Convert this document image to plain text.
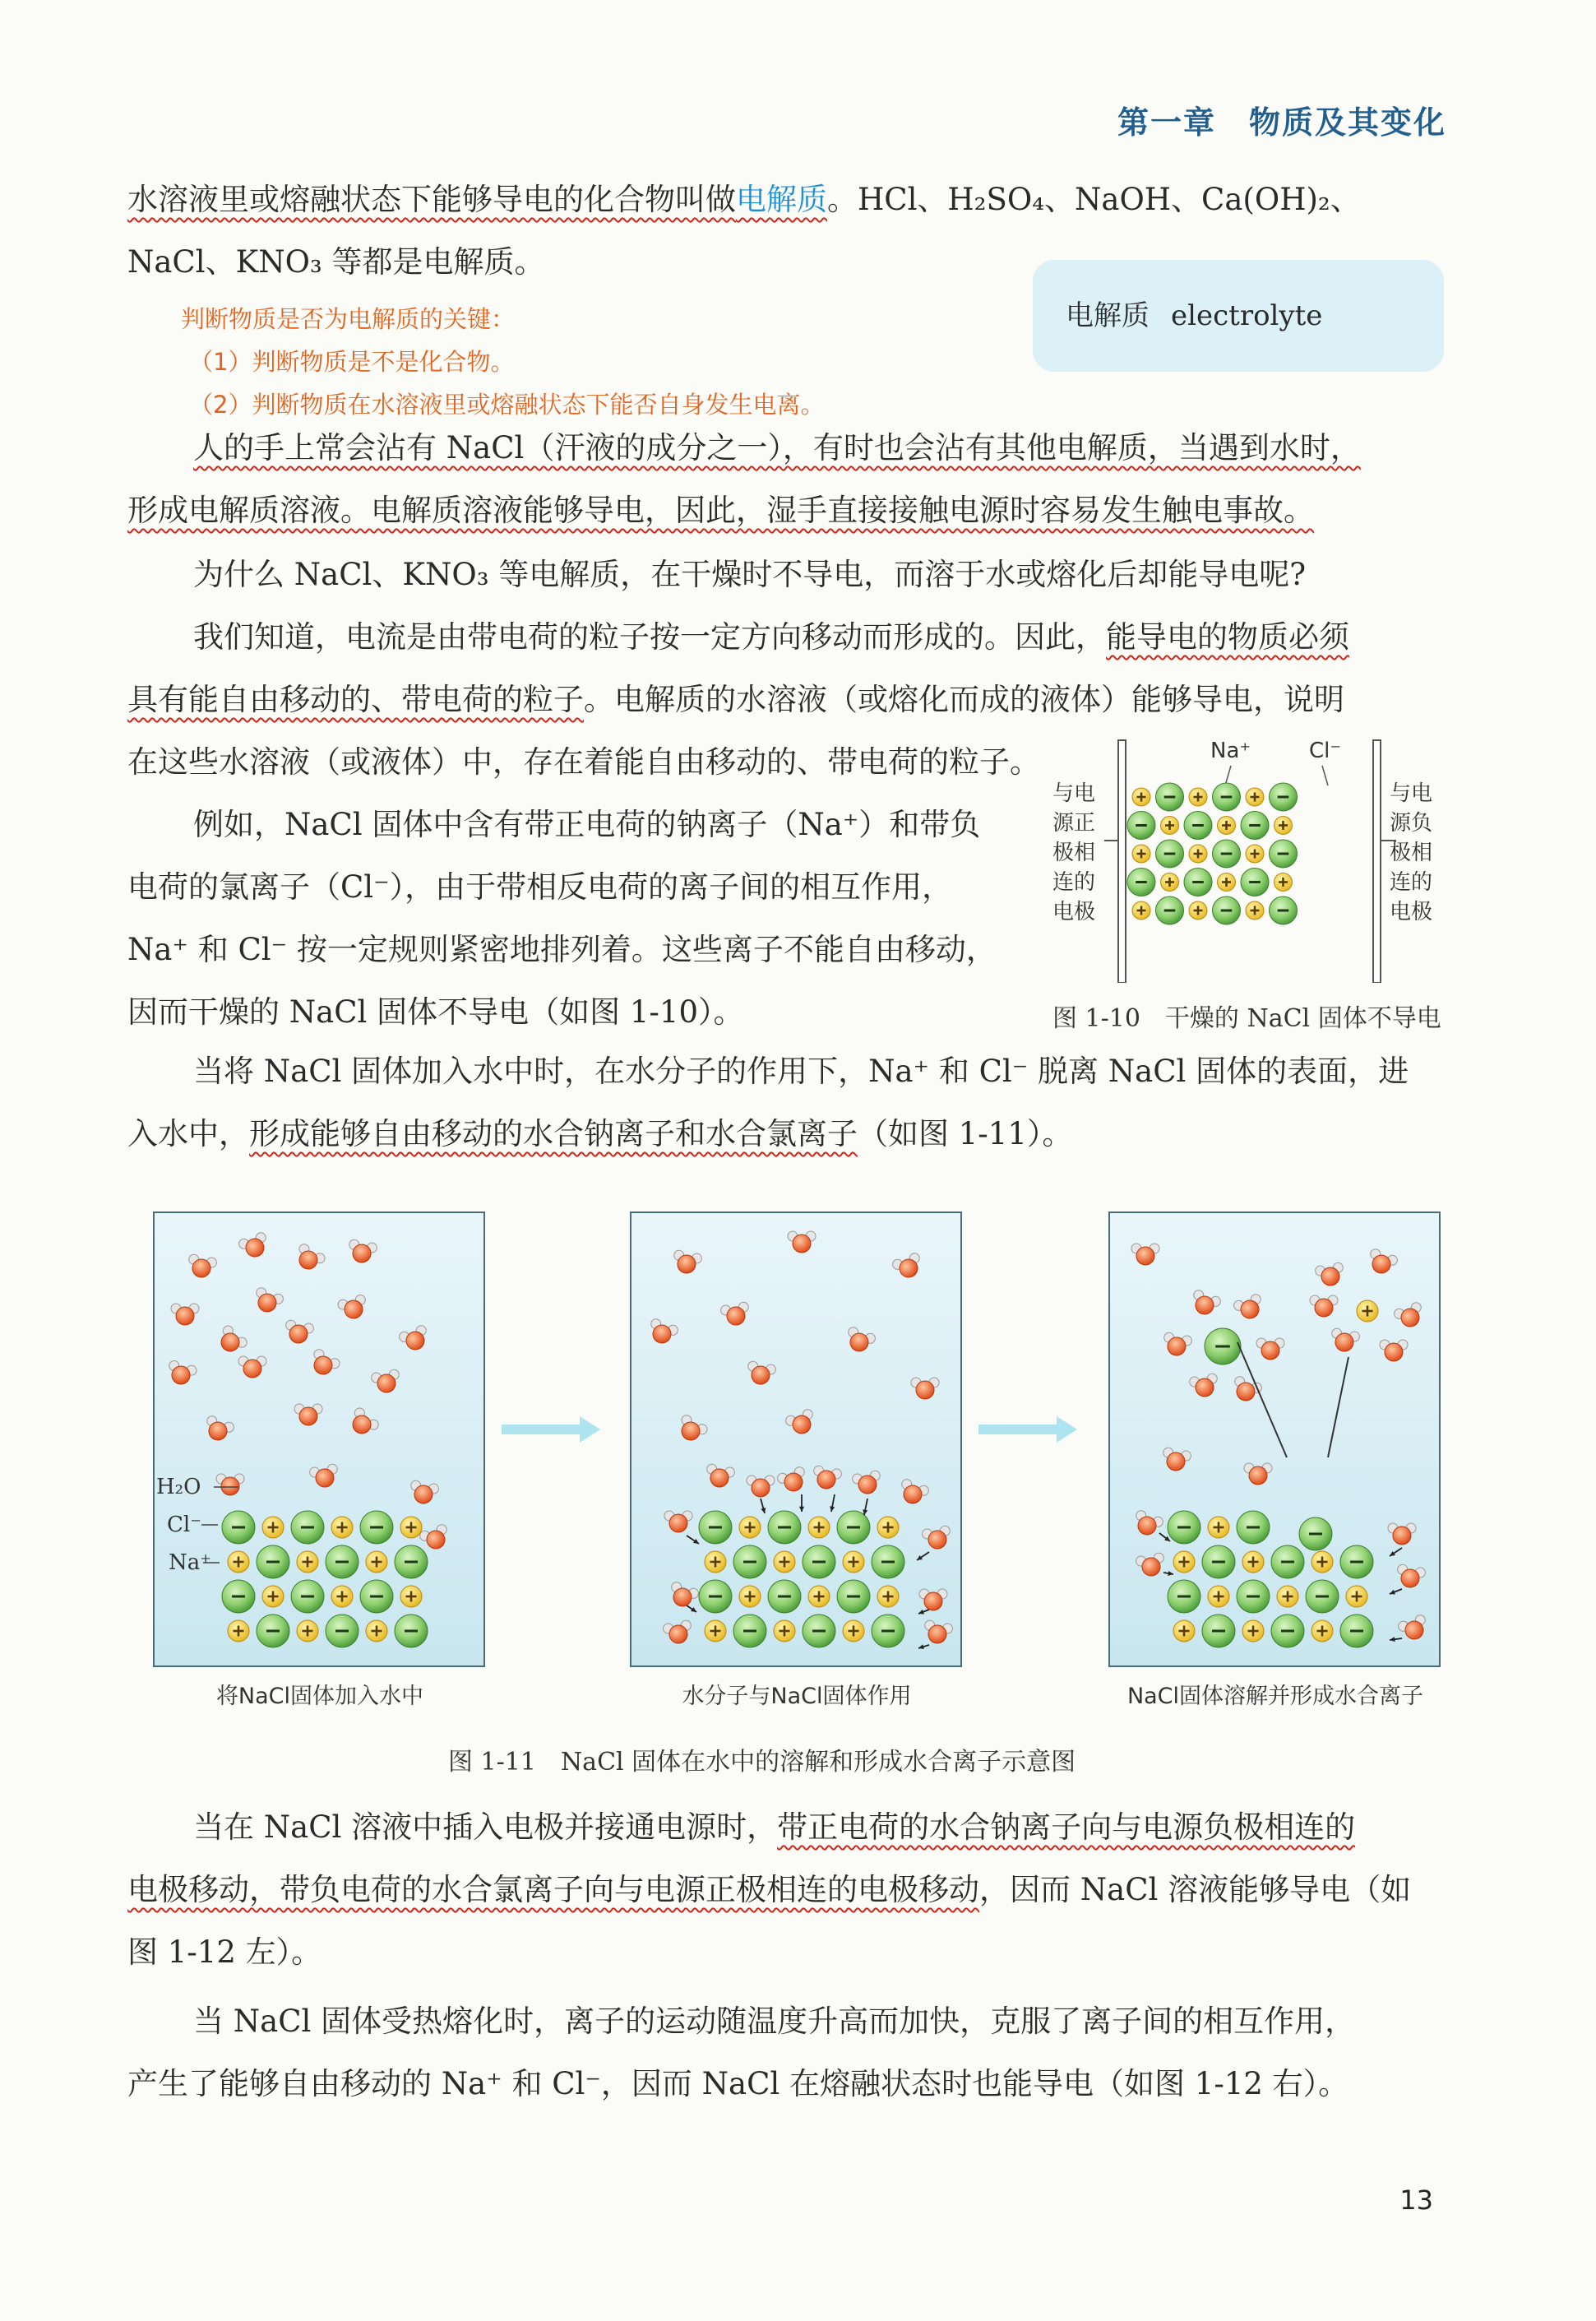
第一章　物质及其变化
水溶液里或熔融状态下能够导电的化合物叫做电解质。HCl、H₂SO₄、NaOH、Ca(OH)₂、
NaCl、KNO₃ 等都是电解质。
电解质 electrolyte
判断物质是否为电解质的关键：
（1）判断物质是不是化合物。
（2）判断物质在水溶液里或熔融状态下能否自身发生电离。
人的手上常会沾有 NaCl（汗液的成分之一），有时也会沾有其他电解质，当遇到水时，
形成电解质溶液。电解质溶液能够导电，因此，湿手直接接触电源时容易发生触电事故。
为什么 NaCl、KNO₃ 等电解质，在干燥时不导电，而溶于水或熔化后却能导电呢?
我们知道，电流是由带电荷的粒子按一定方向移动而形成的。因此，能导电的物质必须
具有能自由移动的、带电荷的粒子。电解质的水溶液（或熔化而成的液体）能够导电，说明
在这些水溶液（或液体）中，存在着能自由移动的、带电荷的粒子。
例如，NaCl 固体中含有带正电荷的钠离子（Na⁺）和带负
电荷的氯离子（Cl⁻），由于带相反电荷的离子间的相互作用，
Na⁺ 和 Cl⁻ 按一定规则紧密地排列着。这些离子不能自由移动，
因而干燥的 NaCl 固体不导电（如图 1-10）。
与电
源正
极相
连的
电极
与电
源负
极相
连的
电极
Na⁺	Cl⁻
图 1-10　干燥的 NaCl 固体不导电
当将 NaCl 固体加入水中时，在水分子的作用下，Na⁺ 和 Cl⁻ 脱离 NaCl 固体的表面，进
入水中，形成能够自由移动的水合钠离子和水合氯离子（如图 1-11）。
H₂O
Cl⁻
Na⁺
将NaCl固体加入水中	水分子与NaCl固体作用	NaCl固体溶解并形成水合离子
图 1-11　NaCl 固体在水中的溶解和形成水合离子示意图
当在 NaCl 溶液中插入电极并接通电源时，带正电荷的水合钠离子向与电源负极相连的
电极移动，带负电荷的水合氯离子向与电源正极相连的电极移动，因而 NaCl 溶液能够导电（如
图 1-12 左）。
当 NaCl 固体受热熔化时，离子的运动随温度升高而加快，克服了离子间的相互作用，
产生了能够自由移动的 Na⁺ 和 Cl⁻，因而 NaCl 在熔融状态时也能导电（如图 1-12 右）。
13
